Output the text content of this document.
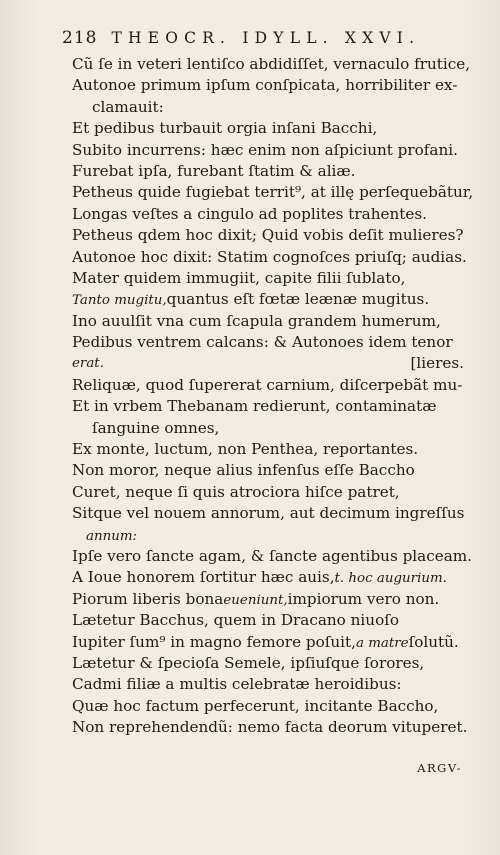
218 THEOCR. IDYLL. XXVI.
Cũ ſe in veteri lentiſco abdidiſſet, vernaculo frutice,
Autonoe primum ipſum conſpicata, horribiliter ex-
clamauit:
Et pedibus turbauit orgia inſani Bacchi,
Subito incurrens: hæc enim non aſpiciunt profani.
Furebat ipſa, furebant ſtatim & aliæ.
Petheus quide fugiebat territ⁹, at illę perſequebãtur,
Longas veſtes a cingulo ad poplites trahentes.
Petheus qdem hoc dixit; Quid vobis deſit mulieres?
Autonoe hoc dixit: Statim cognoſces priuſq; audias.
Mater quidem immugiit, capite filii ſublato,
Tanto mugitu,quantus eſt fœtæ leænæ mugitus.
Ino auulſit vna cum ſcapula grandem humerum,
Pedibus ventrem calcans: & Autonoes idem tenor
erat.	[lieres.
Reliquæ, quod ſupererat carnium, diſcerpebãt mu-
Et in vrbem Thebanam redierunt, contaminatæ
ſanguine omnes,
Ex monte, luctum, non Penthea, reportantes.
Non moror, neque alius infenſus eſſe Baccho
Curet, neque ſi quis atrociora hiſce patret,
Sitque vel nouem annorum, aut decimum ingreſſus
annum:
Ipſe vero ſancte agam, & ſancte agentibus placeam.
A Ioue honorem ſortitur hæc auis,t. hoc augurium.
Piorum liberis bonaeueniunt,impiorum vero non.
Lætetur Bacchus, quem in Dracano niuoſo
Iupiter ſum⁹ in magno femore poſuit,a matreſolutũ.
Lætetur & ſpecioſa Semele, ipſiuſque ſorores,
Cadmi filiæ a multis celebratæ heroidibus:
Quæ hoc factum perfecerunt, incitante Baccho,
Non reprehendendũ: nemo facta deorum vituperet.
ARGV-
